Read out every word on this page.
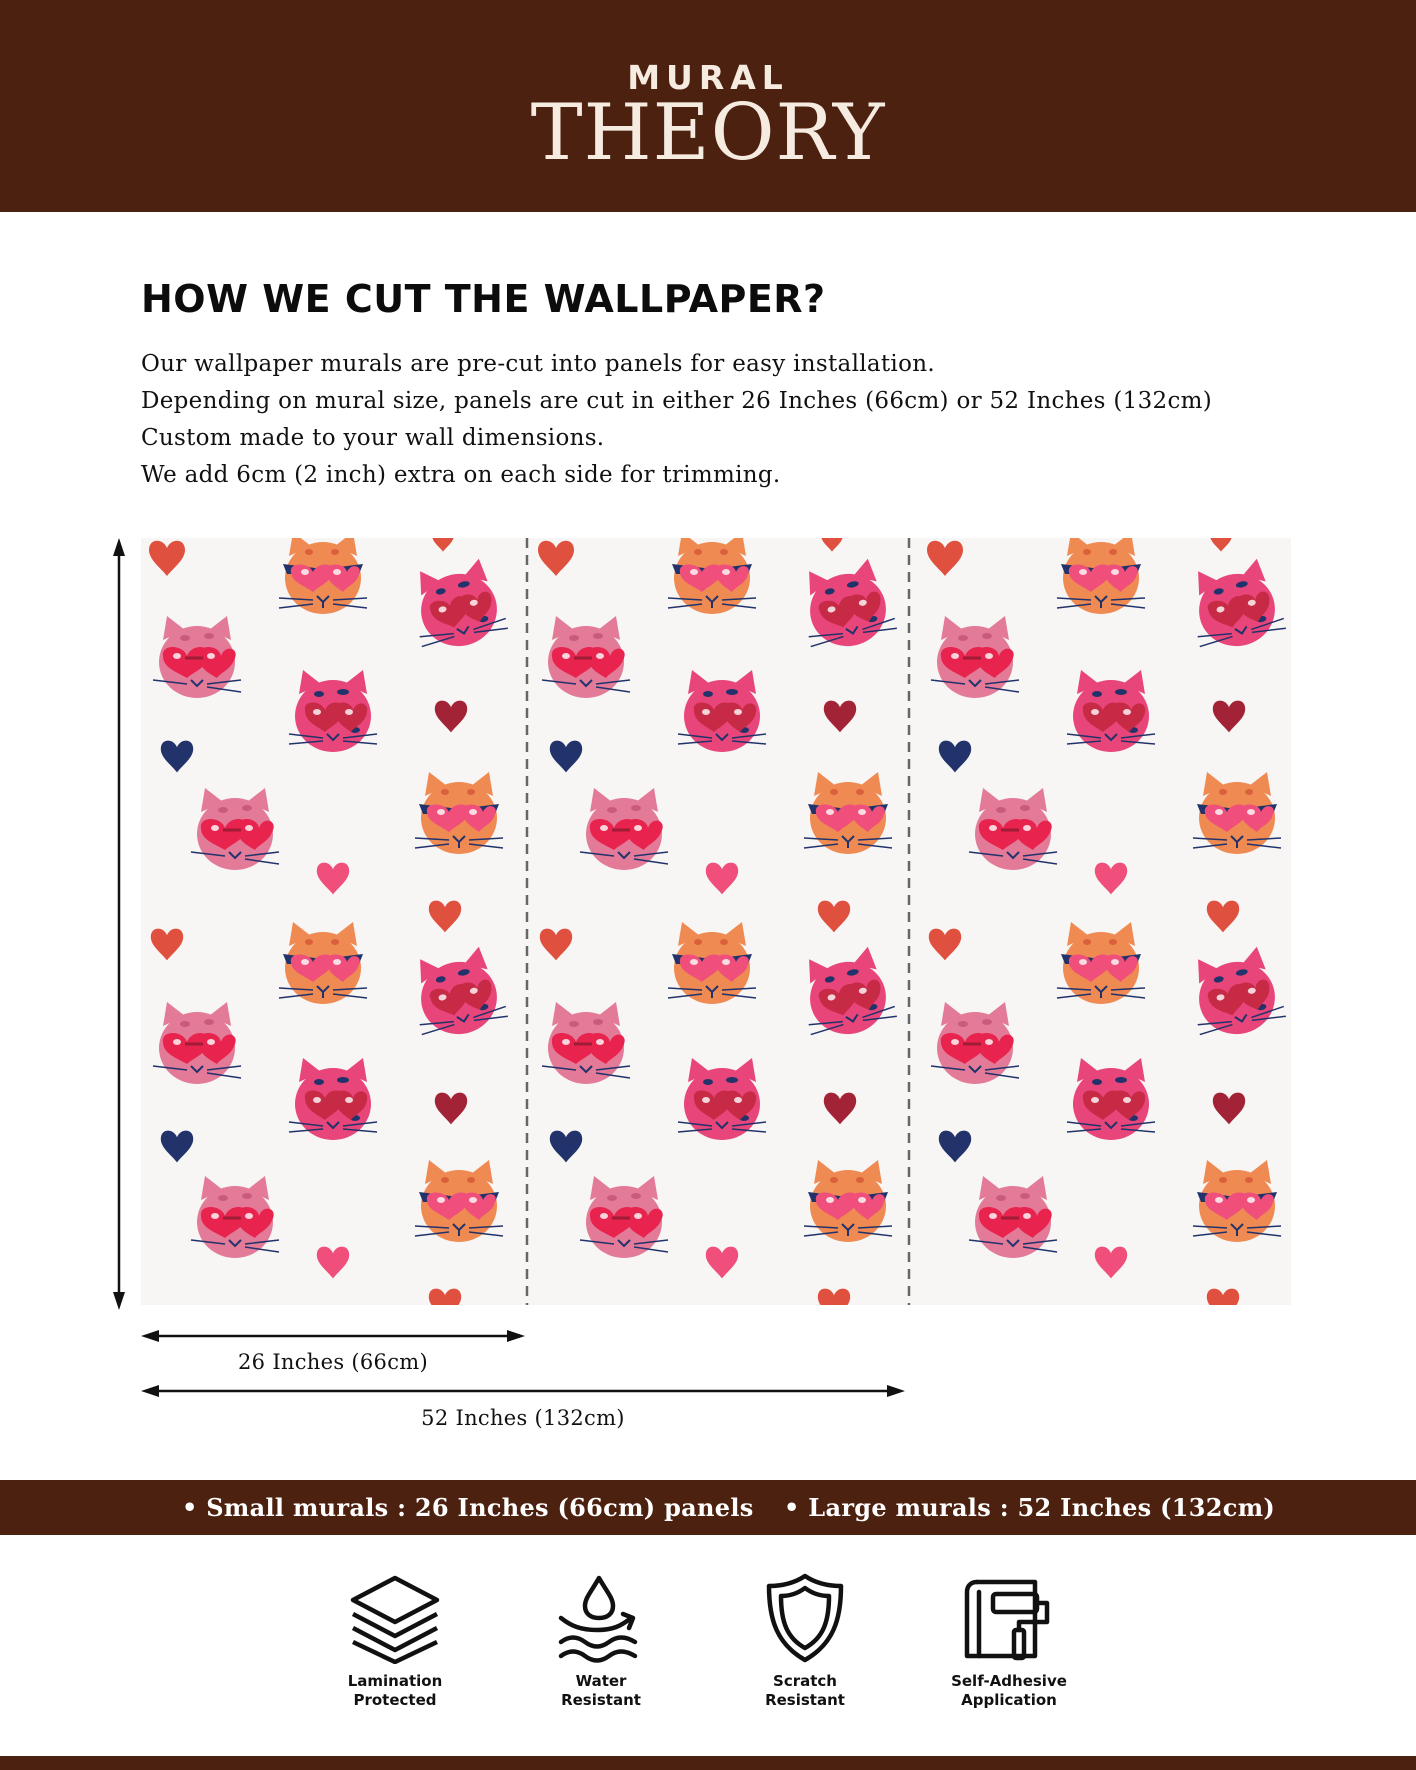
MURAL
THEORY
HOW WE CUT THE WALLPAPER?
Our wallpaper murals are pre-cut into panels for easy installation.
Depending on mural size, panels are cut in either 26 Inches (66cm) or 52 Inches (132cm)
Custom made to your wall dimensions.
We add 6cm (2 inch) extra on each side for trimming.
26 Inches (66cm)
52 Inches (132cm)
• Small murals : 26 Inches (66cm) panels • Large murals : 52 Inches (132cm)
Lamination
Protected
Water
Resistant
Scratch
Resistant
Self-Adhesive
Application
